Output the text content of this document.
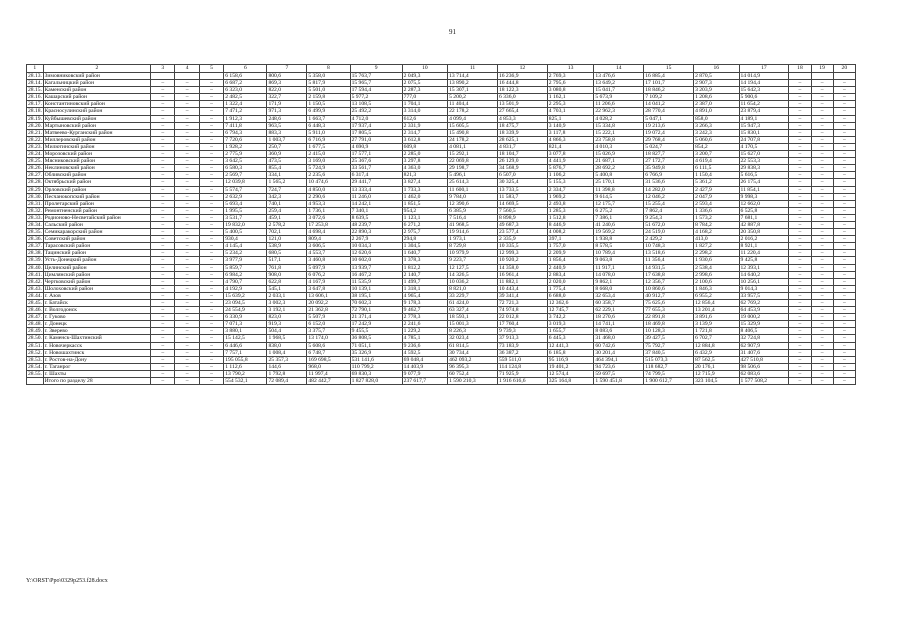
91
1	2	3	4	5	6	7	8	9	10	11	12	13	14	15	16	17	18	19	20
28.13.	Зимовниковский район				6 158,6	800,6	5 358,0	15 763,7	2 049,3	13 714,4	16 236,9	2 769,3	13 476,6	16 885,4	2 870,5	14 014,9			
28.14.	Кагальницкий район	–	–	–	6 687,2	869,3	5 817,9	15 965,7	2 075,5	13 890,2	16 444,8	2 795,6	13 649,2	17 101,7	2 907,3	14 194,4	–	–	–
28.15.	Каменский район	–	–	–	6 323,0	822,0	5 501,0	17 594,4	2 287,3	15 307,1	18 122,3	3 080,8	15 041,7	18 846,2	3 203,9	15 642,3	–	–	–
28.16.	Кашарский район	–	–	–	2 482,5	322,7	2 159,8	5 977,2	777,0	5 200,2	6 336,0	1 162,1	5 673,9	7 109,2	1 208,6	5 900,6	–	–	–
28.17.	Константиновский район	–	–	–	1 322,4	171,9	1 150,5	13 108,5	1 704,1	11 404,4	13 501,9	2 295,3	11 206,6	14 041,2	2 387,0	11 654,2	–	–	–
28.18.	Красносулинский район	–	–	–	7 471,2	971,3	6 499,9	25 492,2	3 314,0	22 178,2	27 665,4	4 703,1	22 962,3	28 770,4	4 891,0	23 879,4	–	–	–
28.19.	Куйбышевский район	–	–	–	1 912,3	248,6	1 663,7	4 712,0	612,6	4 099,4	4 853,3	825,1	4 028,2	5 047,1	858,0	4 189,1	–	–	–
28.20.	Мартыновский район	–	–	–	7 411,8	963,5	6 448,3	17 937,4	2 331,9	15 605,5	18 475,7	3 140,9	15 334,8	19 213,6	3 266,3	15 947,3	–	–	–
28.21.	Матвеево-Курганский район	–	–	–	6 794,3	883,3	5 911,0	17 805,5	2 314,7	15 490,8	18 339,9	3 117,8	15 222,1	19 072,4	3 242,3	15 830,1	–	–	–
28.22.	Миллеровский район	–	–	–	7 720,6	1 003,7	6 716,9	27 791,0	3 612,8	24 178,2	28 625,1	4 866,3	23 758,8	29 768,4	5 060,6	24 707,8	–	–	–
28.23.	Милютинский район	–	–	–	1 928,2	250,7	1 677,5	4 690,9	609,8	4 081,1	4 831,7	821,4	4 010,3	5 024,7	854,2	4 170,5	–	–	–
28.24.	Морозовский район	–	–	–	2 775,9	360,9	2 415,0	17 577,1	2 285,0	15 292,1	18 104,7	3 077,8	15 026,9	18 827,7	3 200,7	15 627,0	–	–	–
28.25.	Мясниковский район	–	–	–	3 642,5	473,5	3 169,0	25 367,6	3 297,8	22 069,8	26 129,0	4 441,9	21 687,1	27 172,7	4 619,4	22 553,3	–	–	–
28.26.	Неклиновский район	–	–	–	6 580,3	855,4	5 724,9	33 561,7	4 363,0	29 198,7	34 568,9	5 876,7	28 692,2	35 949,8	6 111,5	29 838,3	–	–	–
28.27.	Обливский район	–	–	–	2 569,7	334,1	2 235,6	6 317,4	821,3	5 496,1	6 507,0	1 106,2	5 400,8	6 766,9	1 150,4	5 616,5	–	–	–
28.28.	Октябрьский район	–	–	–	12 039,8	1 565,2	10 474,6	29 441,7	3 827,4	25 614,3	30 325,4	5 155,3	25 170,1	31 536,6	5 361,2	26 175,4	–	–	–
28.29.	Орловский район	–	–	–	5 574,7	724,7	4 850,0	13 333,4	1 733,3	11 600,1	13 733,5	2 334,7	11 398,8	14 282,0	2 427,9	11 854,1	–	–	–
28.30.	Песчанокопский район	–	–	–	2 632,9	342,3	2 290,6	11 246,0	1 462,0	9 784,0	11 583,7	1 969,2	9 614,5	12 046,2	2 047,9	9 998,3	–	–	–
28.31.	Пролетарский район	–	–	–	5 693,4	740,1	4 953,3	14 242,1	1 851,5	12 390,6	14 669,5	2 493,8	12 175,7	15 255,4	2 593,4	12 662,0	–	–	–
28.32.	Ремонтненский район	–	–	–	1 995,5	259,4	1 736,1	7 340,1	954,2	6 385,9	7 560,5	1 285,3	6 275,2	7 862,4	1 336,6	6 525,8	–	–	–
28.33.	Родионово-Несветайский район	–	–	–	3 531,7	459,1	3 072,6	8 639,5	1 123,1	7 516,4	8 898,9	1 512,8	7 386,1	9 254,3	1 573,2	7 681,1	–	–	–
28.34.	Сальский район	–	–	–	19 832,0	2 578,2	17 253,8	48 239,7	6 271,2	41 968,5	49 687,3	8 446,9	41 240,6	51 672,0	8 784,2	42 887,8	–	–	–
28.35.	Семикаракорский район	–	–	–	5 400,5	702,1	4 698,4	22 890,3	2 975,7	19 914,6	23 577,4	4 008,2	19 569,2	24 519,0	4 168,2	20 350,8	–	–	–
28.36.	Советский район	–	–	–	930,4	121,0	809,4	2 267,9	294,8	1 973,1	2 335,9	397,1	1 938,8	2 429,2	413,0	2 016,2	–	–	–
28.37.	Тарасовский район	–	–	–	4 145,4	538,9	3 606,5	10 034,3	1 304,5	8 729,8	10 335,5	1 757,0	8 578,5	10 748,3	1 827,2	8 921,1	–	–	–
28.38.	Тацинский район	–	–	–	5 234,2	680,5	4 553,7	12 620,6	1 640,7	10 979,9	12 999,3	2 209,9	10 789,4	13 518,6	2 298,2	11 220,4	–	–	–
28.39.	Усть-Донецкий район	–	–	–	3 977,9	517,1	3 460,8	10 602,0	1 378,3	9 223,7	10 920,2	1 856,4	9 063,8	11 356,4	1 930,6	9 425,8	–	–	–
28.40.	Целинский район	–	–	–	5 859,7	761,8	5 097,9	13 939,7	1 812,2	12 127,5	14 358,0	2 440,9	11 917,1	14 931,5	2 538,4	12 393,1	–	–	–
28.41.	Цимлянский район	–	–	–	6 984,2	908,0	6 076,2	16 467,2	2 140,7	14 326,5	16 961,4	2 883,4	14 078,0	17 638,8	2 998,6	14 640,2	–	–	–
28.42.	Чертковский район	–	–	–	4 790,7	622,8	4 167,9	11 535,9	1 499,7	10 036,2	11 882,1	2 020,0	9 862,1	12 356,7	2 100,6	10 256,1	–	–	–
28.43.	Шолоховский район	–	–	–	4 192,9	545,1	3 647,8	10 139,1	1 318,1	8 821,0	10 443,4	1 775,4	8 668,0	10 860,6	1 846,3	9 014,3	–	–	–
28.44.	г. Азов	–	–	–	15 639,2	2 033,1	13 606,1	38 195,1	4 965,4	33 229,7	39 341,4	6 688,0	32 653,4	40 912,7	6 955,2	33 957,5	–	–	–
28.45.	г. Батайск	–	–	–	23 094,5	3 002,3	20 092,2	70 602,3	9 178,3	61 424,0	72 721,3	12 362,6	60 358,7	75 625,6	12 856,4	62 769,2	–	–	–
28.46.	г. Волгодонск	–	–	–	24 554,9	3 192,1	21 362,8	72 790,1	9 462,7	63 327,4	74 974,8	12 745,7	62 229,1	77 655,3	13 201,4	64 453,9	–	–	–
28.47.	г. Гуково	–	–	–	6 330,9	823,0	5 507,9	21 371,4	2 778,3	18 593,1	22 012,8	3 742,2	18 270,6	22 891,8	3 891,6	19 000,2	–	–	–
28.48.	г. Донецк	–	–	–	7 071,3	919,3	6 152,0	17 242,9	2 241,6	15 001,3	17 760,4	3 019,3	14 741,1	18 469,8	3 139,9	15 329,9	–	–	–
28.49.	г. Зверево	–	–	–	3 880,1	504,4	3 375,7	9 455,5	1 229,2	8 226,3	9 739,3	1 655,7	8 083,6	10 128,3	1 721,8	8 406,5	–	–	–
28.50.	г. Каменск-Шахтинский	–	–	–	15 142,5	1 968,5	13 174,0	36 808,5	4 785,1	32 023,4	37 913,3	6 445,3	31 468,0	39 427,5	6 702,7	32 724,8	–	–	–
28.51.	г. Новочеркасск	–	–	–	6 446,6	838,0	5 608,6	71 051,1	9 236,6	61 814,5	73 183,9	12 441,3	60 742,6	75 792,7	12 884,8	62 907,9	–	–	–
28.52.	г. Новошахтинск	–	–	–	7 757,1	1 008,4	6 748,7	35 326,9	4 592,5	30 734,4	36 387,2	6 185,8	30 201,4	37 840,5	6 432,9	31 407,6	–	–	–
28.53.	г. Ростов-на-Дону	–	–	–	195 055,8	25 357,3	169 698,5	531 141,6	69 048,4	462 093,2	559 511,0	95 116,9	464 394,1	515 073,3	87 562,5	427 510,8	–	–	–
28.54.	г. Таганрог	–	–	–	1 112,6	144,6	968,0	110 799,2	14 403,9	96 395,3	114 124,8	19 401,2	94 723,6	118 682,7	20 176,1	98 506,6	–	–	–
28.55.	г. Шахты	–	–	–	13 790,2	1 792,8	11 997,4	69 830,3	9 077,9	60 752,4	71 925,9	12 574,4	59 697,5	74 799,5	12 715,9	62 083,6	–	–	–
	Итого по разделу 28	–	–	–	554 532,1	72 089,4	482 442,7	1 827 828,0	237 617,7	1 590 210,3	1 916 616,6	325 164,8	1 590 451,8	1 900 612,7	323 104,5	1 577 508,2	–	–	–
Y:\ORST\Ppo\0329p253.f28.docx
